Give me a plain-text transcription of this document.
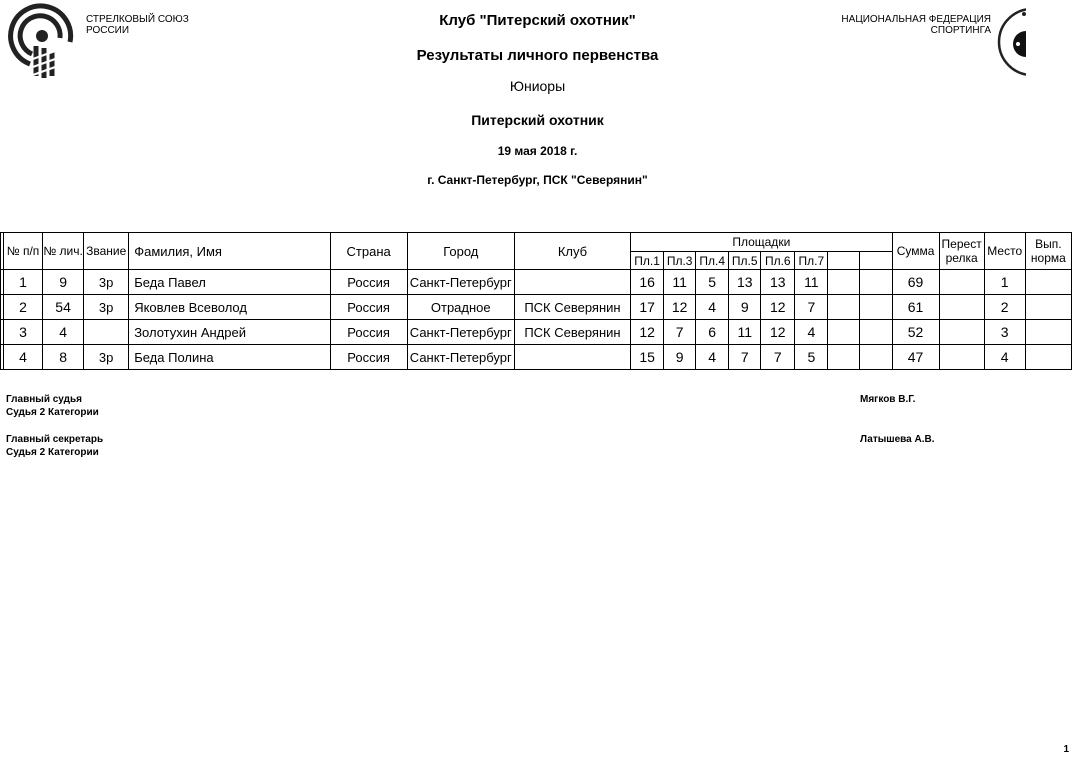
СТРЕЛКОВЫЙ СОЮЗ
РОССИИ
НАЦИОНАЛЬНАЯ ФЕДЕРАЦИЯ
СПОРТИНГА
Клуб "Питерский охотник"
Результаты личного первенства
Юниоры
Питерский охотник
19 мая 2018 г.
г. Санкт-Петербург, ПСК "Северянин"
	№ п/п	№ лич.	Звание	Фамилия, Имя	Страна	Город	Клуб	Площадки								Сумма	Перестрелка	Место	Вып. норма
								Пл.1	Пл.3	Пл.4	Пл.5	Пл.6	Пл.7						
	1	9	3р	Беда Павел	Россия	Санкт-Петербург		16	11	5	13	13	11			69		1	
	2	54	3р	Яковлев Всеволод	Россия	Отрадное	ПСК Северянин	17	12	4	9	12	7			61		2	
	3	4		Золотухин Андрей	Россия	Санкт-Петербург	ПСК Северянин	12	7	6	11	12	4			52		3	
	4	8	3р	Беда Полина	Россия	Санкт-Петербург		15	9	4	7	7	5			47		4	
Главный судья
Судья 2 Категории
Мягков В.Г.
Главный секретарь
Судья 2 Категории
Латышева А.В.
1
